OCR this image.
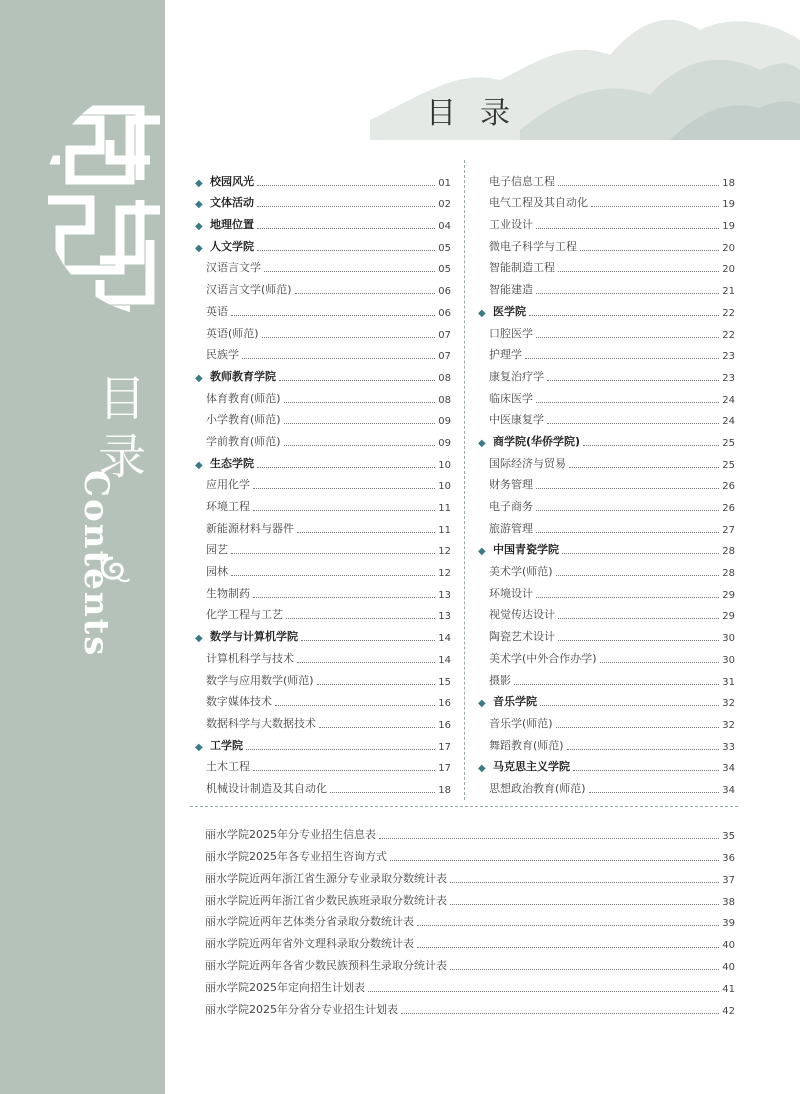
目
录
Contents
目录
◆ 校园风光	01
◆ 文体活动	02
◆ 地理位置	04
◆ 人文学院	05
汉语言文学	05
汉语言文学(师范)	06
英语	06
英语(师范)	07
民族学	07
◆ 教师教育学院	08
体育教育(师范)	08
小学教育(师范)	09
学前教育(师范)	09
◆ 生态学院	10
应用化学	10
环境工程	11
新能源材料与器件	11
园艺	12
园林	12
生物制药	13
化学工程与工艺	13
◆ 数学与计算机学院	14
计算机科学与技术	14
数学与应用数学(师范)	15
数字媒体技术	16
数据科学与大数据技术	16
◆ 工学院	17
土木工程	17
机械设计制造及其自动化	18
电子信息工程	18
电气工程及其自动化	19
工业设计	19
微电子科学与工程	20
智能制造工程	20
智能建造	21
◆ 医学院	22
口腔医学	22
护理学	23
康复治疗学	23
临床医学	24
中医康复学	24
◆ 商学院(华侨学院)	25
国际经济与贸易	25
财务管理	26
电子商务	26
旅游管理	27
◆ 中国青瓷学院	28
美术学(师范)	28
环境设计	29
视觉传达设计	29
陶瓷艺术设计	30
美术学(中外合作办学)	30
摄影	31
◆ 音乐学院	32
音乐学(师范)	32
舞蹈教育(师范)	33
◆ 马克思主义学院	34
思想政治教育(师范)	34
丽水学院2025年分专业招生信息表	35
丽水学院2025年各专业招生咨询方式	36
丽水学院近两年浙江省生源分专业录取分数统计表	37
丽水学院近两年浙江省少数民族班录取分数统计表	38
丽水学院近两年艺体类分省录取分数统计表	39
丽水学院近两年省外文理科录取分数统计表	40
丽水学院近两年各省少数民族预科生录取分统计表	40
丽水学院2025年定向招生计划表	41
丽水学院2025年分省分专业招生计划表	42
